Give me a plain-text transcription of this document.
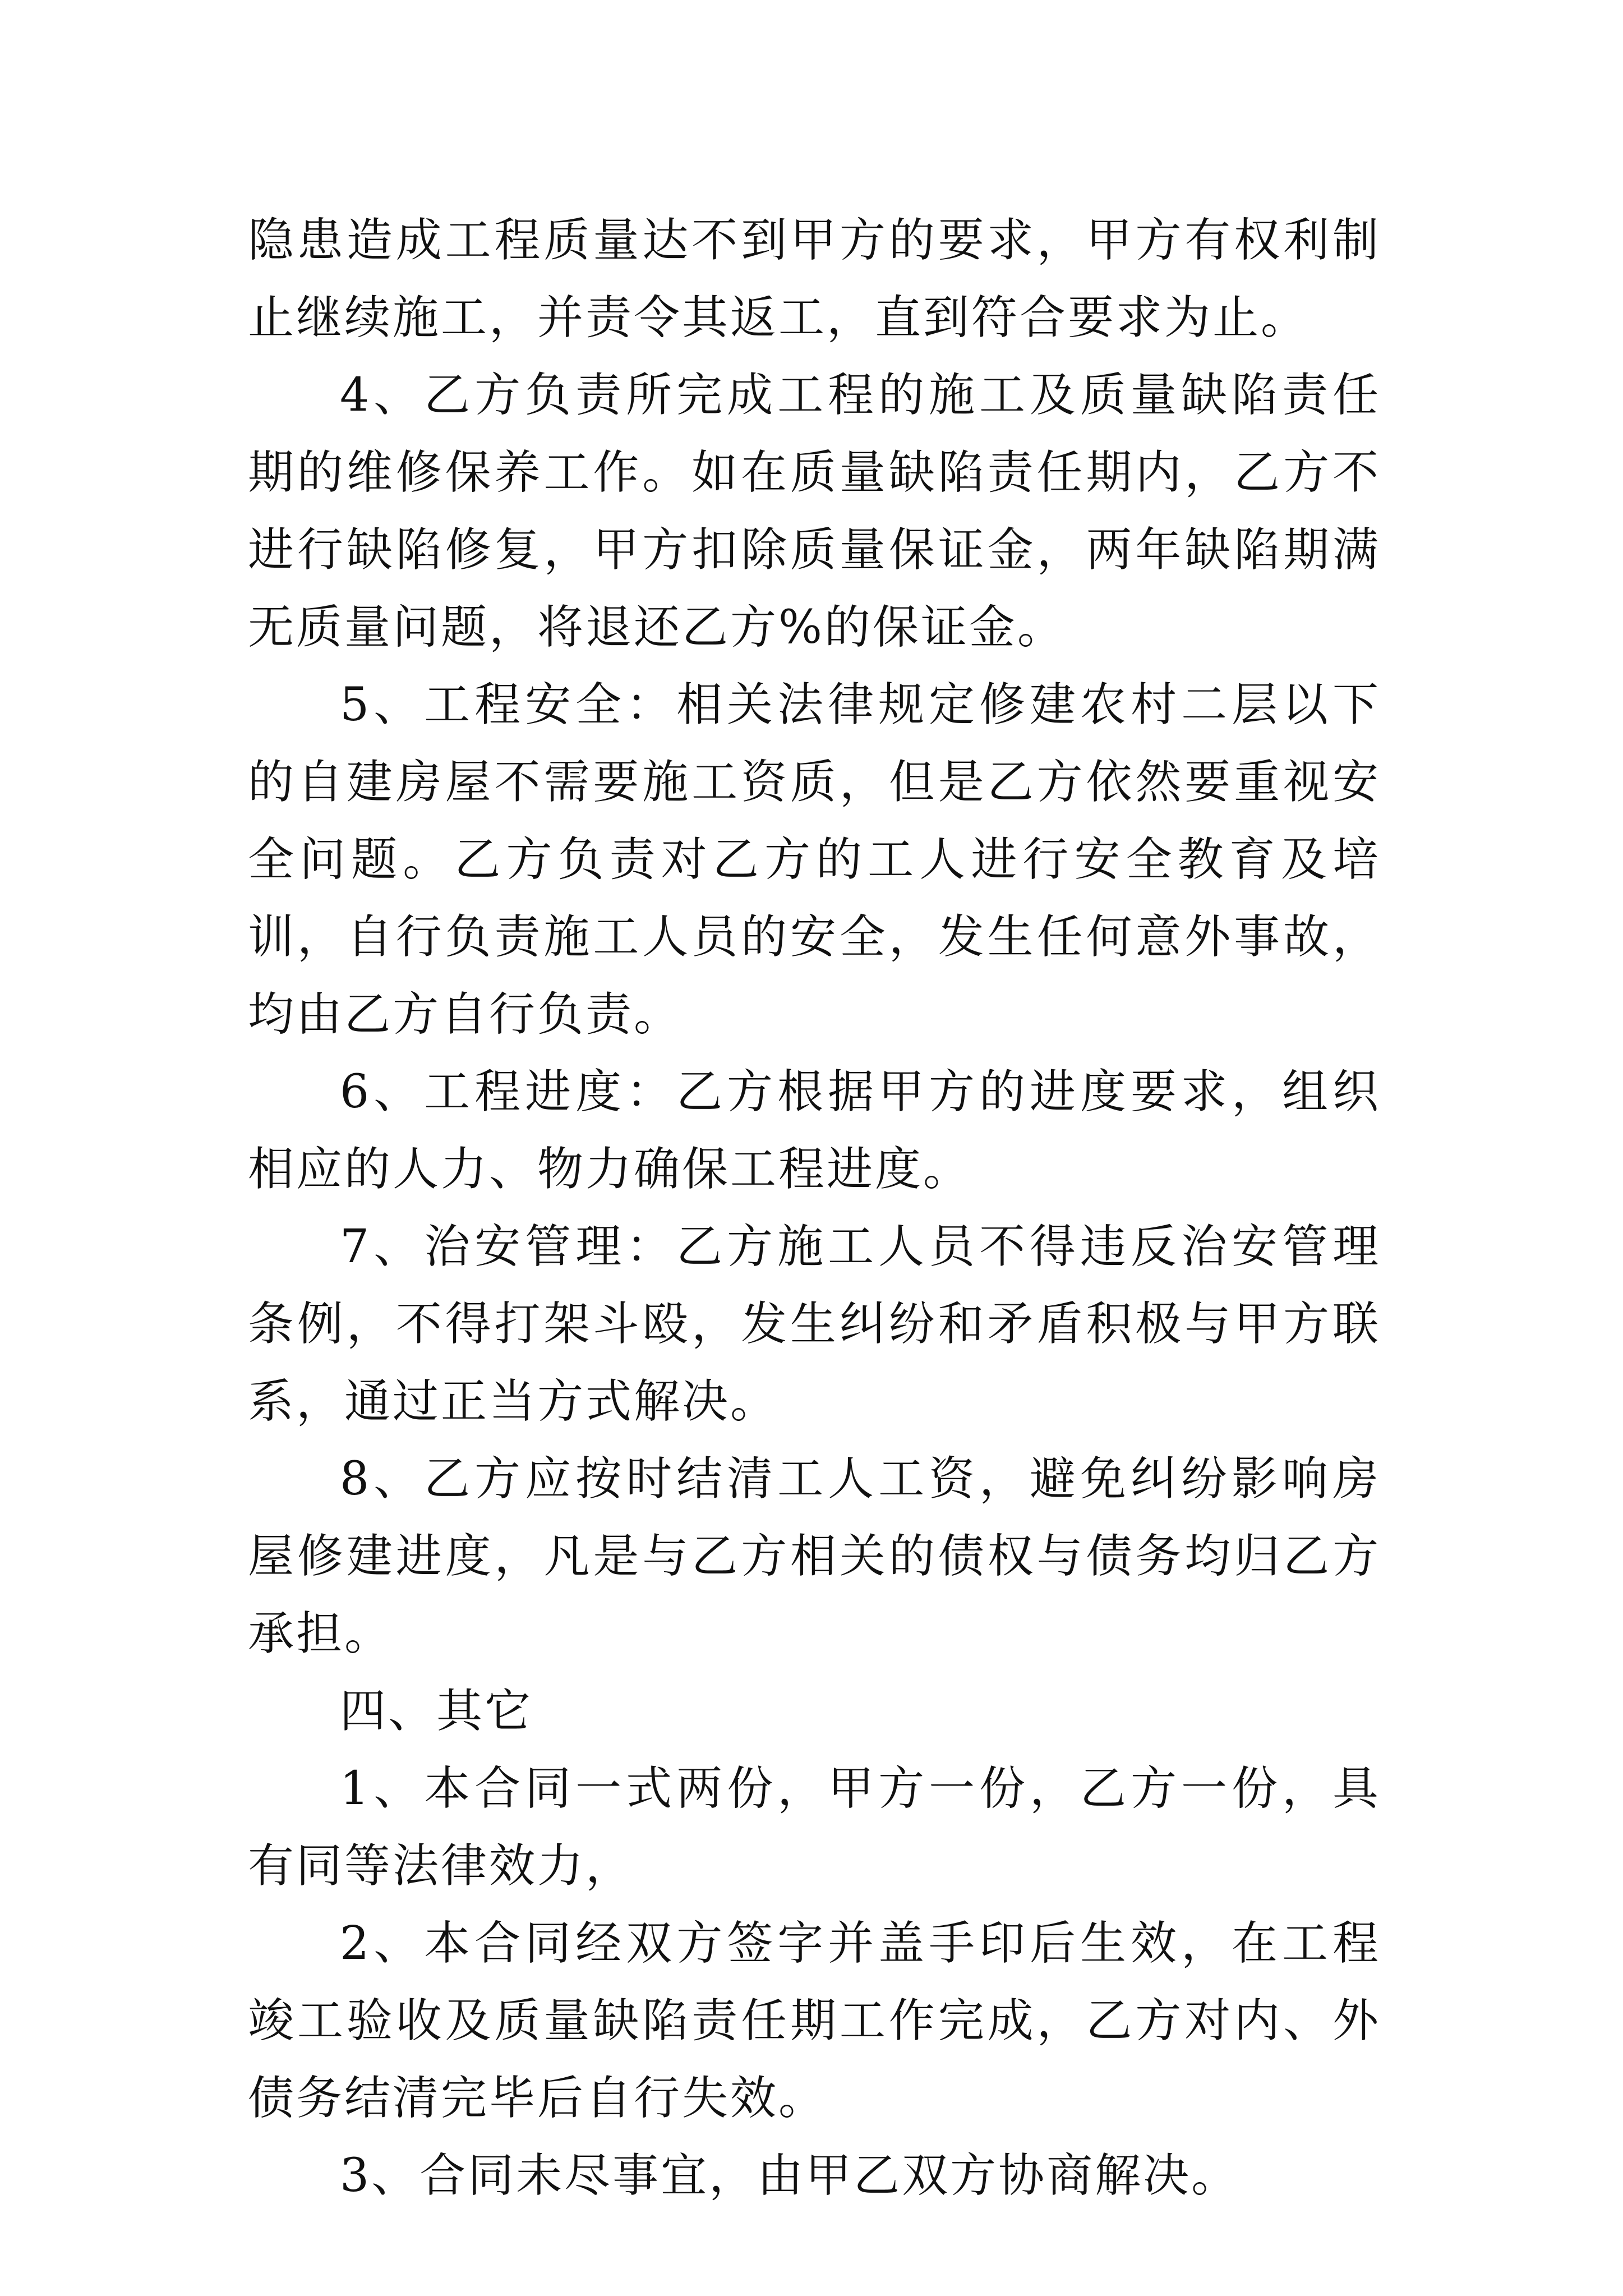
隐患造成工程质量达不到甲方的要求，甲方有权利制止继续施工，并责令其返工，直到符合要求为止。

4、乙方负责所完成工程的施工及质量缺陷责任期的维修保养工作。如在质量缺陷责任期内，乙方不进行缺陷修复，甲方扣除质量保证金，两年缺陷期满无质量问题，将退还乙方%的保证金。

5、工程安全：相关法律规定修建农村二层以下的自建房屋不需要施工资质，但是乙方依然要重视安全问题。乙方负责对乙方的工人进行安全教育及培训，自行负责施工人员的安全，发生任何意外事故，均由乙方自行负责。

6、工程进度：乙方根据甲方的进度要求，组织相应的人力、物力确保工程进度。

7、治安管理：乙方施工人员不得违反治安管理条例，不得打架斗殴，发生纠纷和矛盾积极与甲方联系，通过正当方式解决。

8、乙方应按时结清工人工资，避免纠纷影响房屋修建进度，凡是与乙方相关的债权与债务均归乙方承担。

四、其它

1、本合同一式两份，甲方一份，乙方一份，具有同等法律效力，

2、本合同经双方签字并盖手印后生效，在工程竣工验收及质量缺陷责任期工作完成，乙方对内、外债务结清完毕后自行失效。

3、合同未尽事宜，由甲乙双方协商解决。
